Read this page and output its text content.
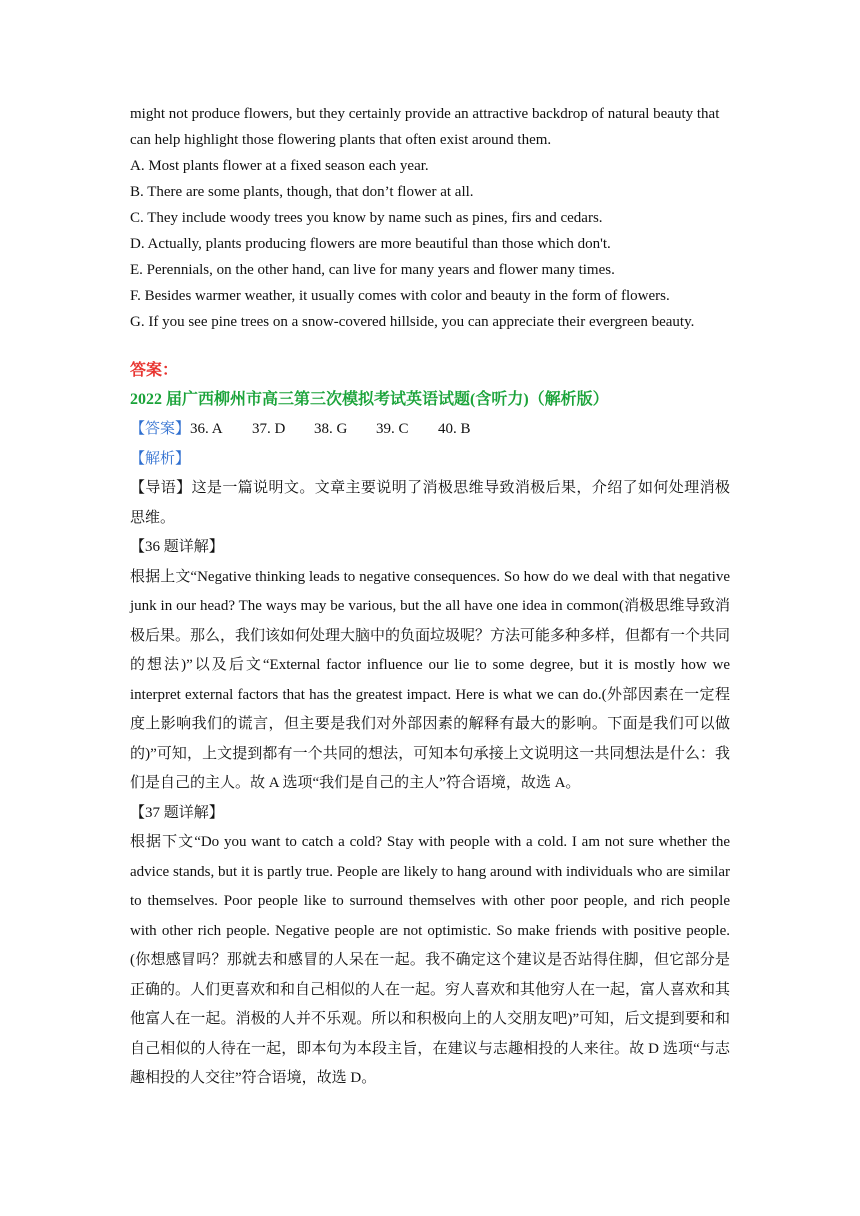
might not produce flowers, but they certainly provide an attractive backdrop of natural beauty that

can help highlight those flowering plants that often exist around them.

A. Most plants flower at a fixed season each year.

B. There are some plants, though, that don’t flower at all.

C. They include woody trees you know by name such as pines, firs and cedars.

D. Actually, plants producing flowers are more beautiful than those which don't.

E. Perennials, on the other hand, can live for many years and flower many times.

F. Besides warmer weather, it usually comes with color and beauty in the form of flowers.

G. If you see pine trees on a snow-covered hillside, you can appreciate their evergreen beauty.

答案：

2022 届广西柳州市高三第三次模拟考试英语试题(含听力)（解析版）

【答案】36. A 37. D 38. G 39. C 40. B

【解析】

【导语】这是一篇说明文。文章主要说明了消极思维导致消极后果，介绍了如何处理消极思维。

【36 题详解】

根据上文“Negative thinking leads to negative consequences. So how do we deal with that negative junk in our head? The ways may be various, but the all have one idea in common(消极思维导致消极后果。那么，我们该如何处理大脑中的负面垃圾呢？方法可能多种多样，但都有一个共同的想法)”以及后文“External factor influence our lie to some degree, but it is mostly how we interpret external factors that has the greatest impact. Here is what we can do.(外部因素在一定程度上影响我们的谎言，但主要是我们对外部因素的解释有最大的影响。下面是我们可以做的)”可知，上文提到都有一个共同的想法，可知本句承接上文说明这一共同想法是什么：我们是自己的主人。故 A 选项“我们是自己的主人”符合语境，故选 A。

【37 题详解】

根据下文“Do you want to catch a cold? Stay with people with a cold. I am not sure whether the advice stands, but it is partly true. People are likely to hang around with individuals who are similar to themselves. Poor people like to surround themselves with other poor people, and rich people with other rich people. Negative people are not optimistic. So make friends with positive people.(你想感冒吗？那就去和感冒的人呆在一起。我不确定这个建议是否站得住脚，但它部分是正确的。人们更喜欢和和自己相似的人在一起。穷人喜欢和其他穷人在一起，富人喜欢和其他富人在一起。消极的人并不乐观。所以和积极向上的人交朋友吧)”可知，后文提到要和和自己相似的人待在一起，即本句为本段主旨，在建议与志趣相投的人来往。故 D 选项“与志趣相投的人交往”符合语境，故选 D。
